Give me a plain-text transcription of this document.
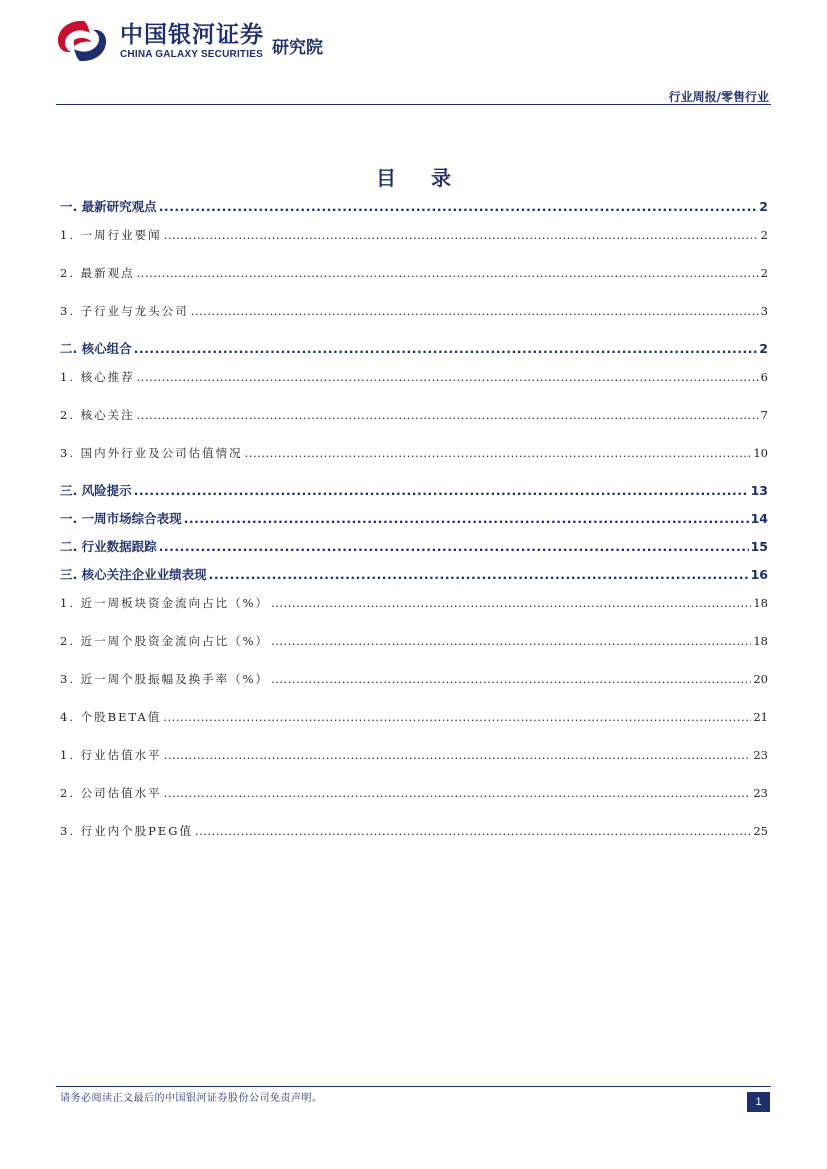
中国银河证券
CHINA GALAXY SECURITIES 研究院
行业周报/零售行业
目 录
一. 最新研究观点 .....	2
1. 一周行业要闻 .....	2
2. 最新观点 .....	2
3. 子行业与龙头公司 .....	3
二. 核心组合 .....	2
1. 核心推荐 .....	6
2. 核心关注 .....	7
3. 国内外行业及公司估值情况 .....	10
三. 风险提示 .....	13
一. 一周市场综合表现 .....	14
二. 行业数据跟踪 .....	15
三. 核心关注企业业绩表现 .....	16
1. 近一周板块资金流向占比（%） .....	18
2. 近一周个股资金流向占比（%） .....	18
3. 近一周个股振幅及换手率（%） .....	20
4. 个股BETA值 .....	21
1. 行业估值水平 .....	23
2. 公司估值水平 .....	23
3. 行业内个股PEG值 .....	25
请务必阅读正文最后的中国银河证券股份公司免责声明。	1
